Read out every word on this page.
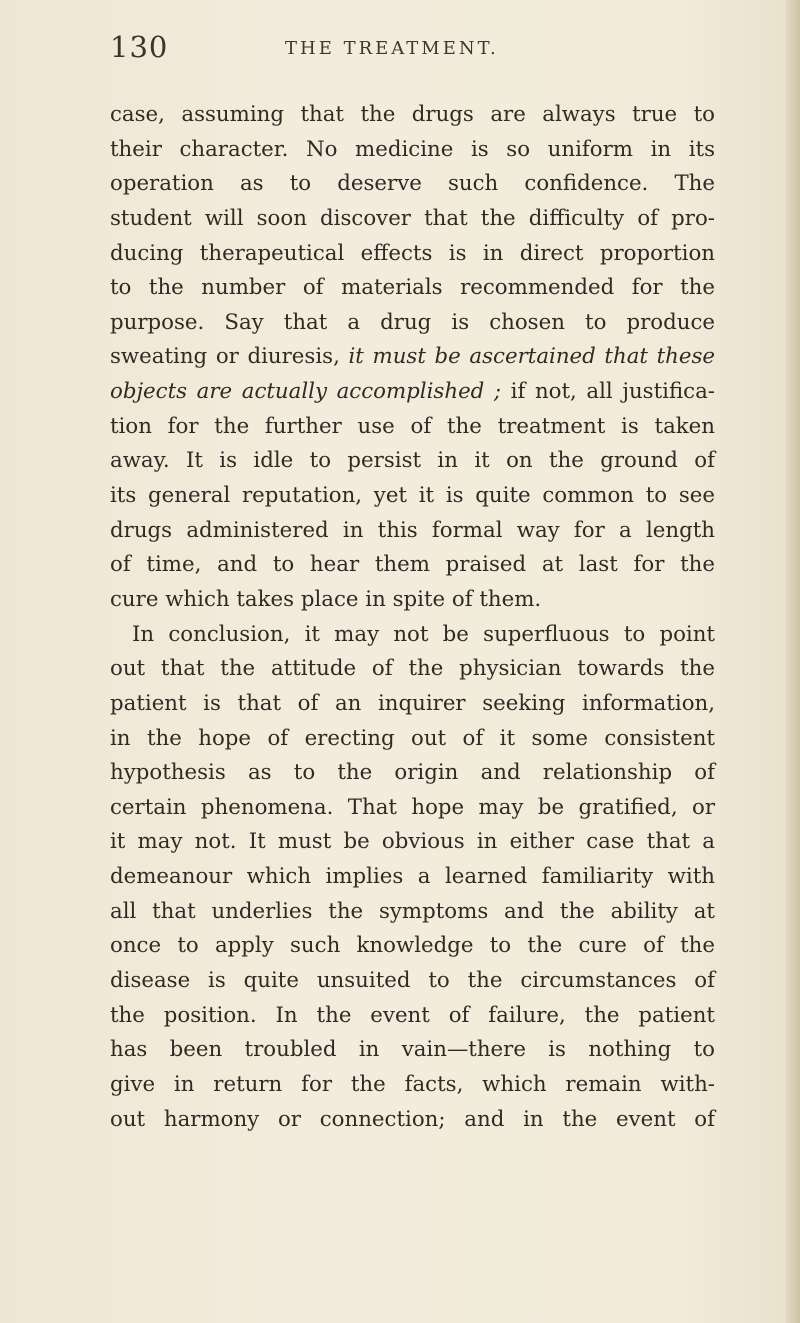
130	THE TREATMENT.
case, assuming that the drugs are always true to
their character. No medicine is so uniform in its
operation as to deserve such confidence. The
student will soon discover that the difficulty of pro-
ducing therapeutical effects is in direct proportion
to the number of materials recommended for the
purpose. Say that a drug is chosen to produce
sweating or diuresis, it must be ascertained that these
objects are actually accomplished ; if not, all justifica-
tion for the further use of the treatment is taken
away. It is idle to persist in it on the ground of
its general reputation, yet it is quite common to see
drugs administered in this formal way for a length
of time, and to hear them praised at last for the
cure which takes place in spite of them.
In conclusion, it may not be superfluous to point
out that the attitude of the physician towards the
patient is that of an inquirer seeking information,
in the hope of erecting out of it some consistent
hypothesis as to the origin and relationship of
certain phenomena. That hope may be gratified, or
it may not. It must be obvious in either case that a
demeanour which implies a learned familiarity with
all that underlies the symptoms and the ability at
once to apply such knowledge to the cure of the
disease is quite unsuited to the circumstances of
the position. In the event of failure, the patient
has been troubled in vain—there is nothing to
give in return for the facts, which remain with-
out harmony or connection; and in the event of
